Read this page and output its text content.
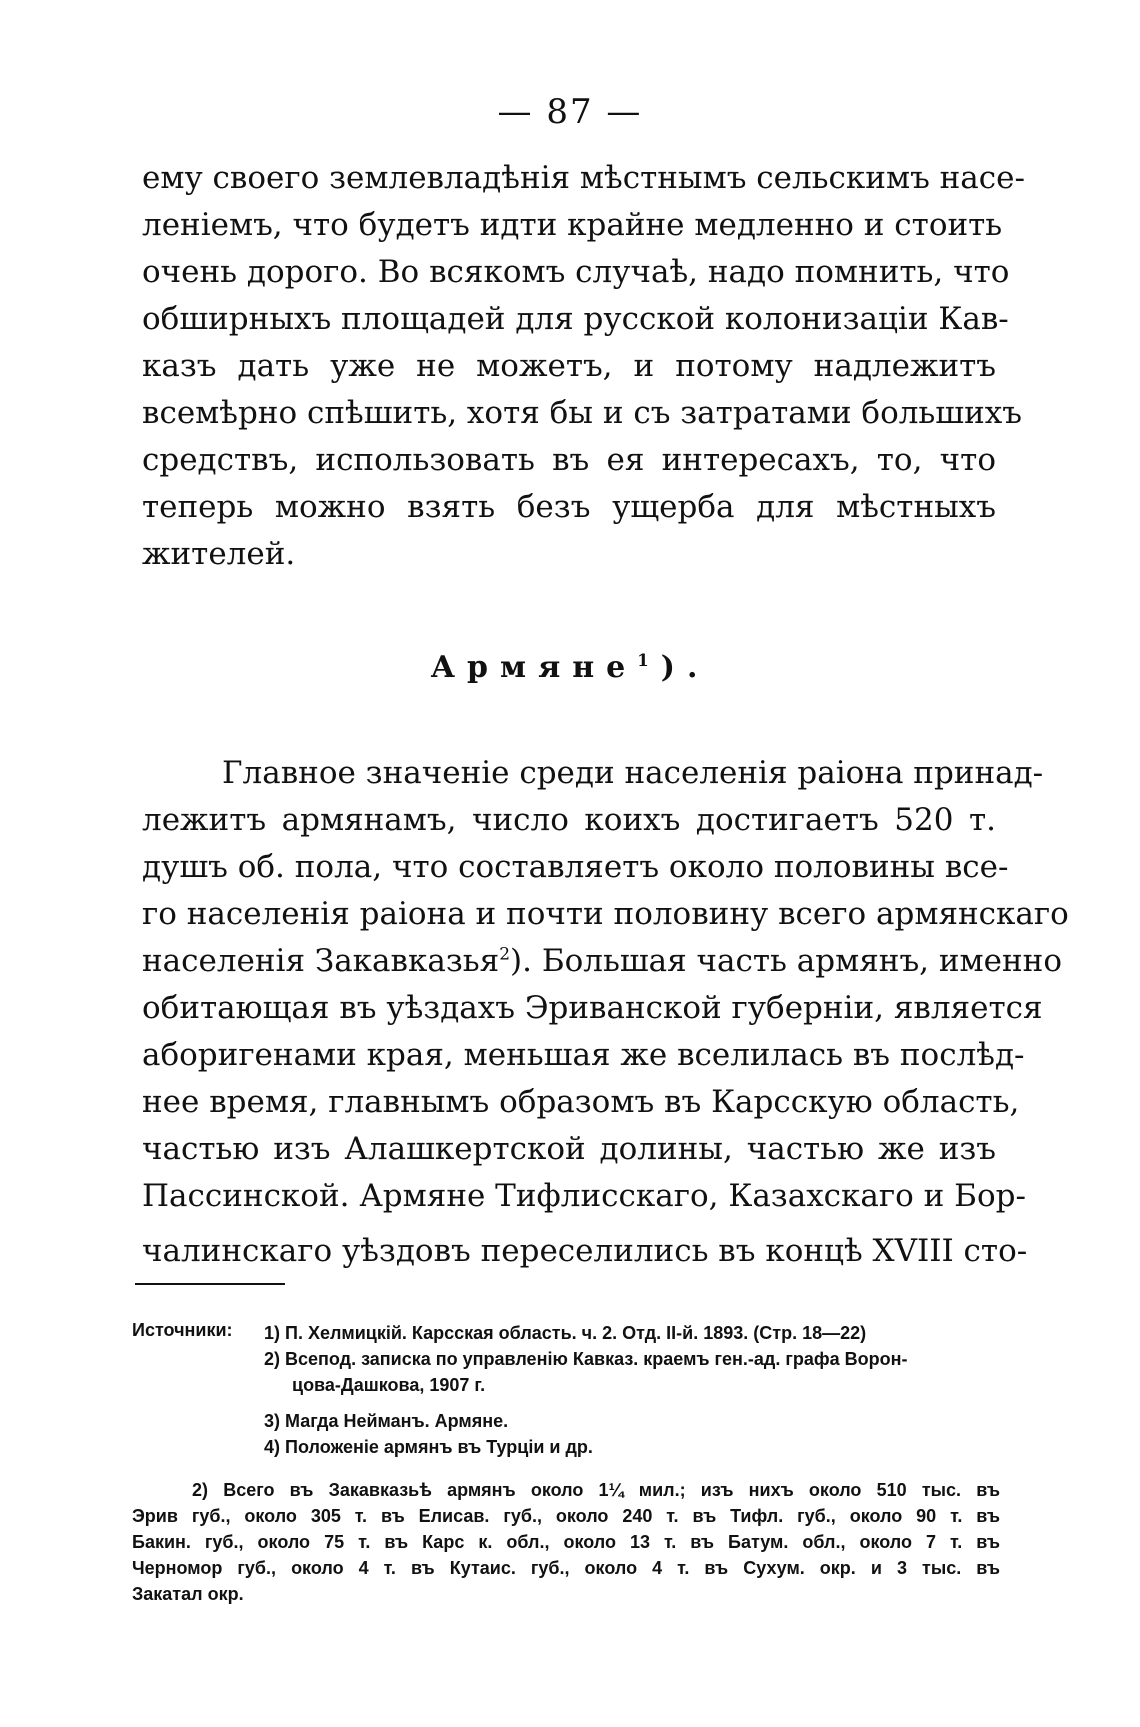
— 87 —
ему своего землевладѣнія мѣстнымъ сельскимъ насе-
леніемъ, что будетъ идти крайне медленно и стоить
очень дорого. Во всякомъ случаѣ, надо помнить, что
обширныхъ площадей для русской колонизаціи Кав-
казъ дать уже не можетъ, и потому надлежитъ
всемѣрно спѣшить, хотя бы и съ затратами большихъ
средствъ, использовать въ ея интересахъ, то, что
теперь можно взять безъ ущерба для мѣстныхъ
жителей.
Армяне$^1$).
Главное значеніе среди населенія раіона принад-
лежитъ армянамъ, число коихъ достигаетъ 520 т.
душъ об. пола, что составляетъ около половины все-
го населенія раіона и почти половину всего армянскаго
населенія Закавказья$^2$). Большая часть армянъ, именно
обитающая въ уѣздахъ Эриванской губерніи, является
аборигенами края, меньшая же вселилась въ послѣд-
нее время, главнымъ образомъ въ Карсскую область,
частью изъ Алашкертской долины, частью же изъ
Пассинской. Армяне Тифлисскаго, Казахскаго и Бор-
чалинскаго уѣздовъ переселились въ концѣ XVIII сто-
Источники: 1) П. Хелмицкій. Карсская область. ч. 2. Отд. II-й. 1893. (Стр. 18—22)
2) Всепод. записка по управленію Кавказ. краемъ ген.-ад. графа Ворон-
цова-Дашкова, 1907 г.
3) Магда Нейманъ. Армяне.
4) Положеніе армянъ въ Турціи и др.
2) Всего въ Закавказьѣ армянъ около 1¼ мил.; изъ нихъ около 510 тыс. въ
Эрив губ., около 305 т. въ Елисав. губ., около 240 т. въ Тифл. губ., около 90 т. въ
Бакин. губ., около 75 т. въ Карс к. обл., около 13 т. въ Батум. обл., около 7 т. въ
Черномор губ., около 4 т. въ Кутаис. губ., около 4 т. въ Сухум. окр. и 3 тыс. въ
Закатал окр.
